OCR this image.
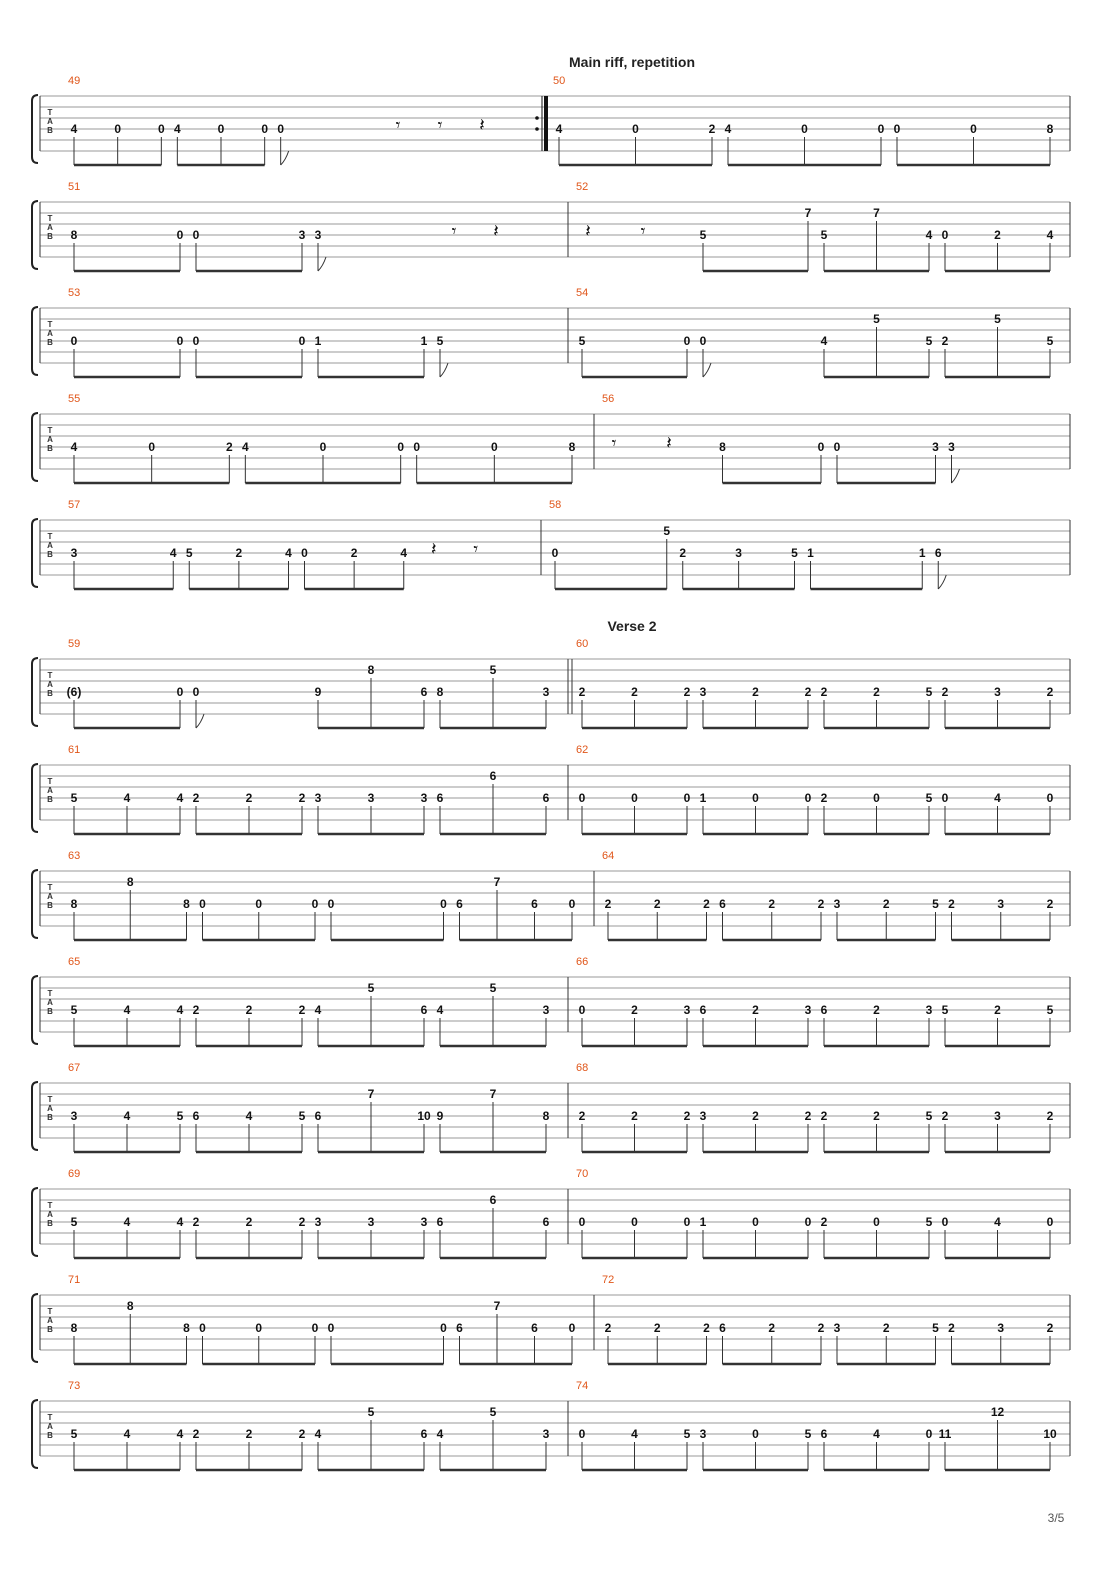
Main riff, repetition
Verse 2
T
A
B
49
4	0	0 4	0	0 0	𝄾 𝄾 𝄽
50
4	0	2 4	0	0 0	0	8
T
A
B
51
8	0 0	3 3	𝄾 𝄽
52
𝄽	𝄾	5
7
5
7
4 0	2	4
T
A
B
53
0	0 0	0 1	1 5
54
5	0 0	4
5
5 2
5
5
T
A
B
55
4	0	2 4	0	0 0	0	8
56
𝄾	𝄽	8	0 0	3 3
T
A
B
57
3	4 5	2	4 0	2	4 𝄽 𝄾
58
0
5
2	3	5 1	1 6
T
A
B
59
(6)	0 0	9
8
6 8
5
3
60
2	2	2 3	2	2 2	2	5 2	3	2
T
A
B
61
5	4	4 2	2	2 3	3	3 6
6
6
62
0	0	0 1	0	0 2	0	5 0	4	0
T
A
B
63
8
8
8 0	0	0 0	0 6
7
6	0
64
2	2	2 6	2	2 3	2	5 2	3	2
T
A
B
65
5	4	4 2	2	2 4
5
6 4
5
3
66
0	2	3 6	2	3 6	2	3 5	2	5
T
A
B
67
3	4	5 6	4	5 6
7
10 9
7
8
68
2	2	2 3	2	2 2	2	5 2	3	2
T
A
B
69
5	4	4 2	2	2 3	3	3 6
6
6
70
0	0	0 1	0	0 2	0	5 0	4	0
T
A
B
71
8
8
8 0	0	0 0	0 6
7
6	0
72
2	2	2 6	2	2 3	2	5 2	3	2
T
A
B
73
5	4	4 2	2	2 4
5
6 4
5
3
74
0	4	5 3	0	5 6	4	0 11
12
10
3/5
